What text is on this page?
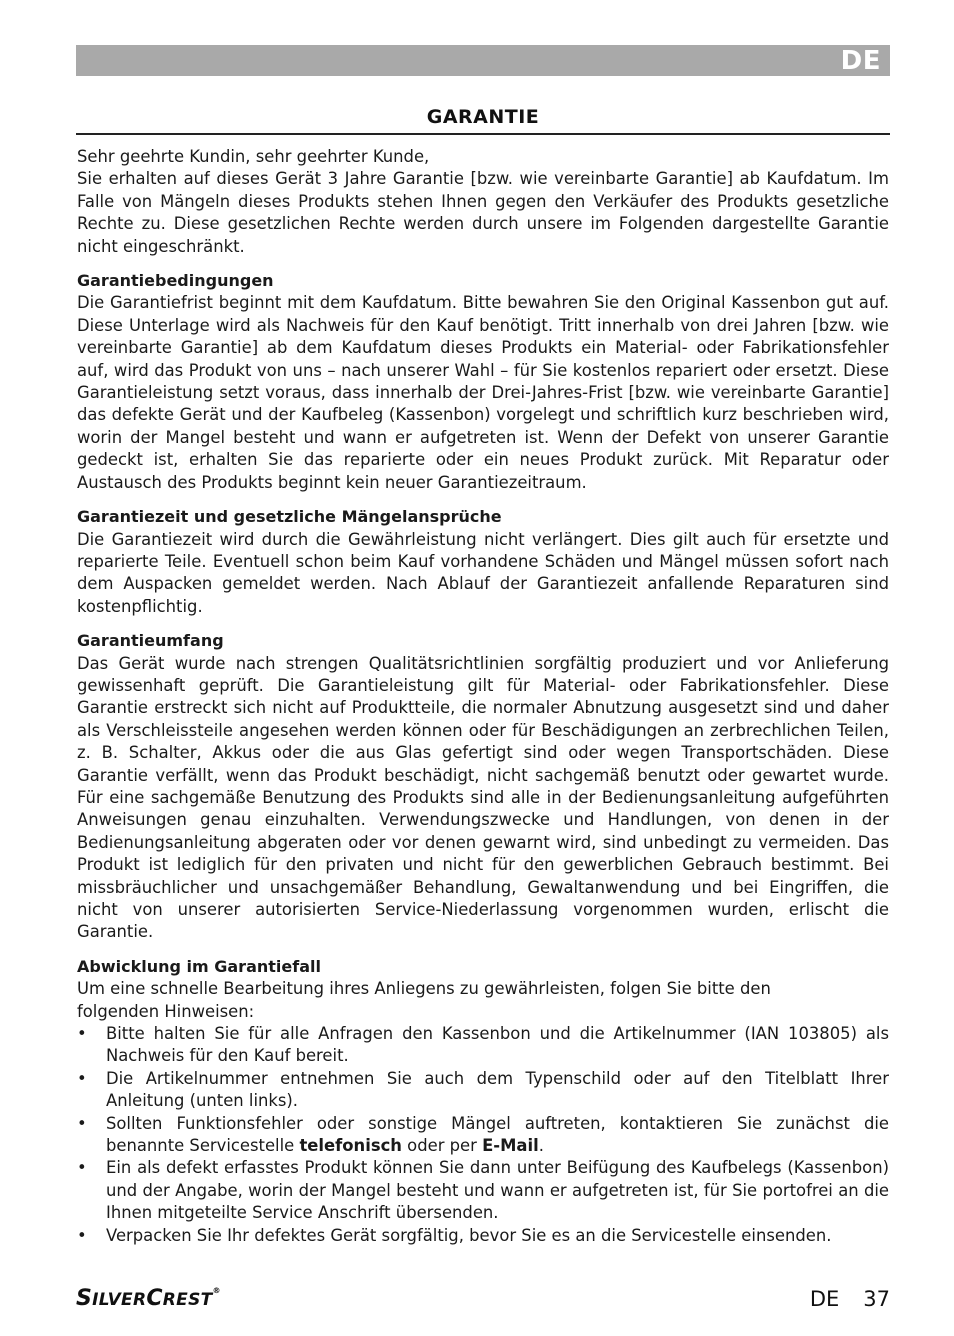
DE
GARANTIE

Sehr geehrte Kundin, sehr geehrter Kunde,

Sie erhalten auf dieses Gerät 3 Jahre Garantie [bzw. wie vereinbarte Garantie] ab Kaufdatum. Im Falle von Mängeln dieses Produkts stehen Ihnen gegen den Verkäufer des Produkts gesetzliche Rechte zu. Diese gesetzlichen Rechte werden durch unsere im Folgenden dargestellte Garantie nicht eingeschränkt.

Garantiebedingungen

Die Garantiefrist beginnt mit dem Kaufdatum. Bitte bewahren Sie den Original Kassenbon gut auf. Diese Unterlage wird als Nachweis für den Kauf benötigt. Tritt innerhalb von drei Jahren [bzw. wie vereinbarte Garantie] ab dem Kaufdatum dieses Produkts ein Material- oder Fabrikationsfehler auf, wird das Produkt von uns – nach unserer Wahl – für Sie kostenlos repariert oder ersetzt. Diese Garantieleistung setzt voraus, dass innerhalb der Drei-Jahres-Frist [bzw. wie vereinbarte Garantie] das defekte Gerät und der Kaufbeleg (Kassenbon) vorgelegt und schriftlich kurz beschrieben wird, worin der Mangel besteht und wann er aufgetreten ist. Wenn der Defekt von unserer Garantie gedeckt ist, erhalten Sie das reparierte oder ein neues Produkt zurück. Mit Reparatur oder Austausch des Produkts beginnt kein neuer Garantiezeitraum.

Garantiezeit und gesetzliche Mängelansprüche

Die Garantiezeit wird durch die Gewährleistung nicht verlängert. Dies gilt auch für ersetzte und reparierte Teile. Eventuell schon beim Kauf vorhandene Schäden und Mängel müssen sofort nach dem Auspacken gemeldet werden. Nach Ablauf der Garantiezeit anfallende Reparaturen sind kostenpflichtig.

Garantieumfang

Das Gerät wurde nach strengen Qualitätsrichtlinien sorgfältig produziert und vor Anlieferung gewissenhaft geprüft. Die Garantieleistung gilt für Material- oder Fabrikationsfehler. Diese Garantie erstreckt sich nicht auf Produktteile, die normaler Abnutzung ausgesetzt sind und daher als Verschleissteile angesehen werden können oder für Beschädigungen an zerbrechlichen Teilen, z. B. Schalter, Akkus oder die aus Glas gefertigt sind oder wegen Transportschäden. Diese Garantie verfällt, wenn das Produkt beschädigt, nicht sachgemäß benutzt oder gewartet wurde. Für eine sachgemäße Benutzung des Produkts sind alle in der Bedienungsanleitung aufgeführten Anweisungen genau einzuhalten. Verwendungszwecke und Handlungen, von denen in der Bedienungsanleitung abgeraten oder vor denen gewarnt wird, sind unbedingt zu vermeiden. Das Produkt ist lediglich für den privaten und nicht für den gewerblichen Gebrauch bestimmt. Bei missbräuchlicher und unsachgemäßer Behandlung, Gewaltanwendung und bei Eingriffen, die nicht von unserer autorisierten Service-Niederlassung vorgenommen wurden, erlischt die Garantie.

Abwicklung im Garantiefall

Um eine schnelle Bearbeitung ihres Anliegens zu gewährleisten, folgen Sie bitte den

folgenden Hinweisen:

• Bitte halten Sie für alle Anfragen den Kassenbon und die Artikelnummer (IAN 103805) als Nachweis für den Kauf bereit.
• Die Artikelnummer entnehmen Sie auch dem Typenschild oder auf den Titelblatt Ihrer Anleitung (unten links).
• Sollten Funktionsfehler oder sonstige Mängel auftreten, kontaktieren Sie zunächst die benannte Servicestelle telefonisch oder per E-Mail.
• Ein als defekt erfasstes Produkt können Sie dann unter Beifügung des Kaufbelegs (Kassenbon) und der Angabe, worin der Mangel besteht und wann er aufgetreten ist, für Sie portofrei an die Ihnen mitgeteilte Service Anschrift übersenden.
• Verpacken Sie Ihr defektes Gerät sorgfältig, bevor Sie es an die Servicestelle einsenden.
SILVERCREST®	DE 37
